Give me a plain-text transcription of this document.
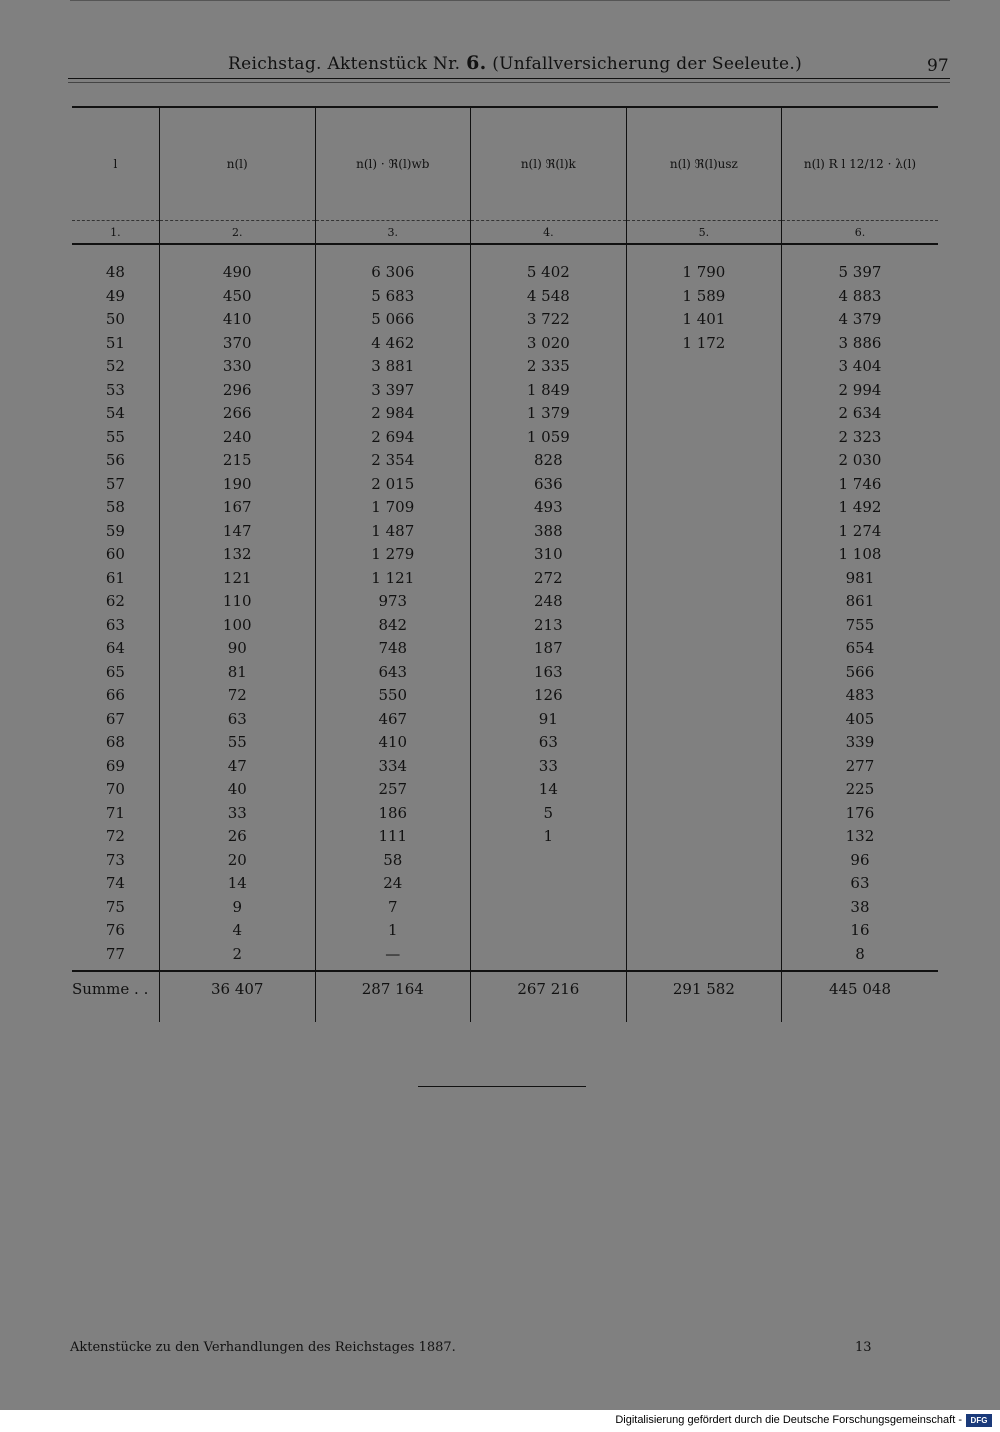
Reichstag. Aktenstück Nr. 6. (Unfallversicherung der Seeleute.)	97

l	n(l)	n(l) · ℜ(l)wb	n(l) ℜ(l)k	n(l) ℜ(l)usz	n(l) R l 12/12 · λ(l)
1.	2.	3.	4.	5.	6.
48	490	6 306	5 402	1 790	5 397
49	450	5 683	4 548	1 589	4 883
50	410	5 066	3 722	1 401	4 379
51	370	4 462	3 020	1 172	3 886
52	330	3 881	2 335		3 404
53	296	3 397	1 849		2 994
54	266	2 984	1 379		2 634
55	240	2 694	1 059		2 323
56	215	2 354	828		2 030
57	190	2 015	636		1 746
58	167	1 709	493		1 492
59	147	1 487	388		1 274
60	132	1 279	310		1 108
61	121	1 121	272		981
62	110	973	248		861
63	100	842	213		755
64	90	748	187		654
65	81	643	163		566
66	72	550	126		483
67	63	467	91		405
68	55	410	63		339
69	47	334	33		277
70	40	257	14		225
71	33	186	5		176
72	26	111	1		132
73	20	58			96
74	14	24			63
75	9	7			38
76	4	1			16
77	2	—			8
Summe . .	36 407	287 164	267 216	291 582	445 048
Aktenstücke zu den Verhandlungen des Reichstages 1887.	13
Digitalisierung gefördert durch die Deutsche Forschungsgemeinschaft -	DFG
